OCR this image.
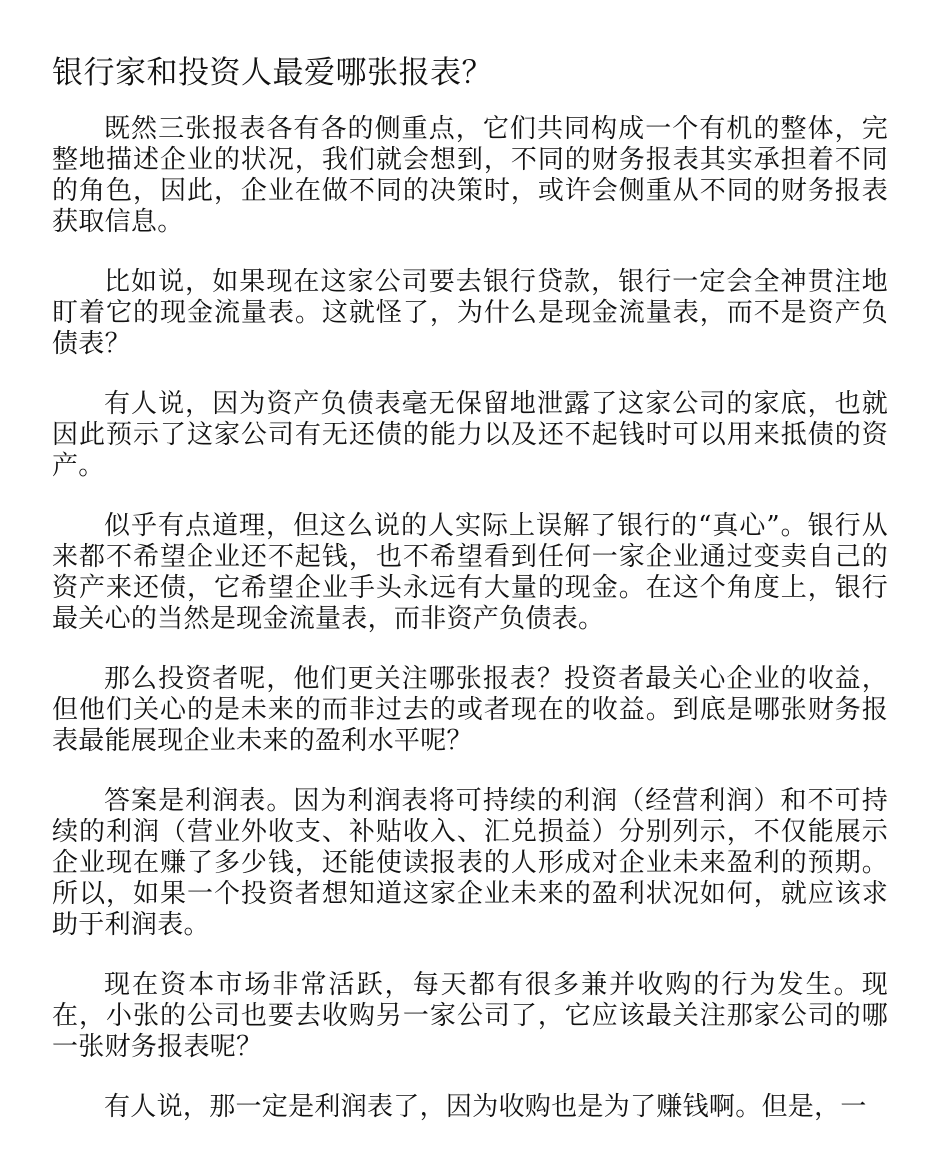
银行家和投资人最爱哪张报表？

既然三张报表各有各的侧重点，它们共同构成一个有机的整体，完整地描述企业的状况，我们就会想到，不同的财务报表其实承担着不同的角色，因此，企业在做不同的决策时，或许会侧重从不同的财务报表获取信息。

比如说，如果现在这家公司要去银行贷款，银行一定会全神贯注地盯着它的现金流量表。这就怪了，为什么是现金流量表，而不是资产负债表？

有人说，因为资产负债表毫无保留地泄露了这家公司的家底，也就因此预示了这家公司有无还债的能力以及还不起钱时可以用来抵债的资产。

似乎有点道理，但这么说的人实际上误解了银行的“真心”。银行从来都不希望企业还不起钱，也不希望看到任何一家企业通过变卖自己的资产来还债，它希望企业手头永远有大量的现金。在这个角度上，银行最关心的当然是现金流量表，而非资产负债表。

那么投资者呢，他们更关注哪张报表？投资者最关心企业的收益，但他们关心的是未来的而非过去的或者现在的收益。到底是哪张财务报表最能展现企业未来的盈利水平呢？

答案是利润表。因为利润表将可持续的利润（经营利润）和不可持续的利润（营业外收支、补贴收入、汇兑损益）分别列示，不仅能展示企业现在赚了多少钱，还能使读报表的人形成对企业未来盈利的预期。所以，如果一个投资者想知道这家企业未来的盈利状况如何，就应该求助于利润表。

现在资本市场非常活跃，每天都有很多兼并收购的行为发生。现在，小张的公司也要去收购另一家公司了，它应该最关注那家公司的哪一张财务报表呢？

有人说，那一定是利润表了，因为收购也是为了赚钱啊。但是，一
